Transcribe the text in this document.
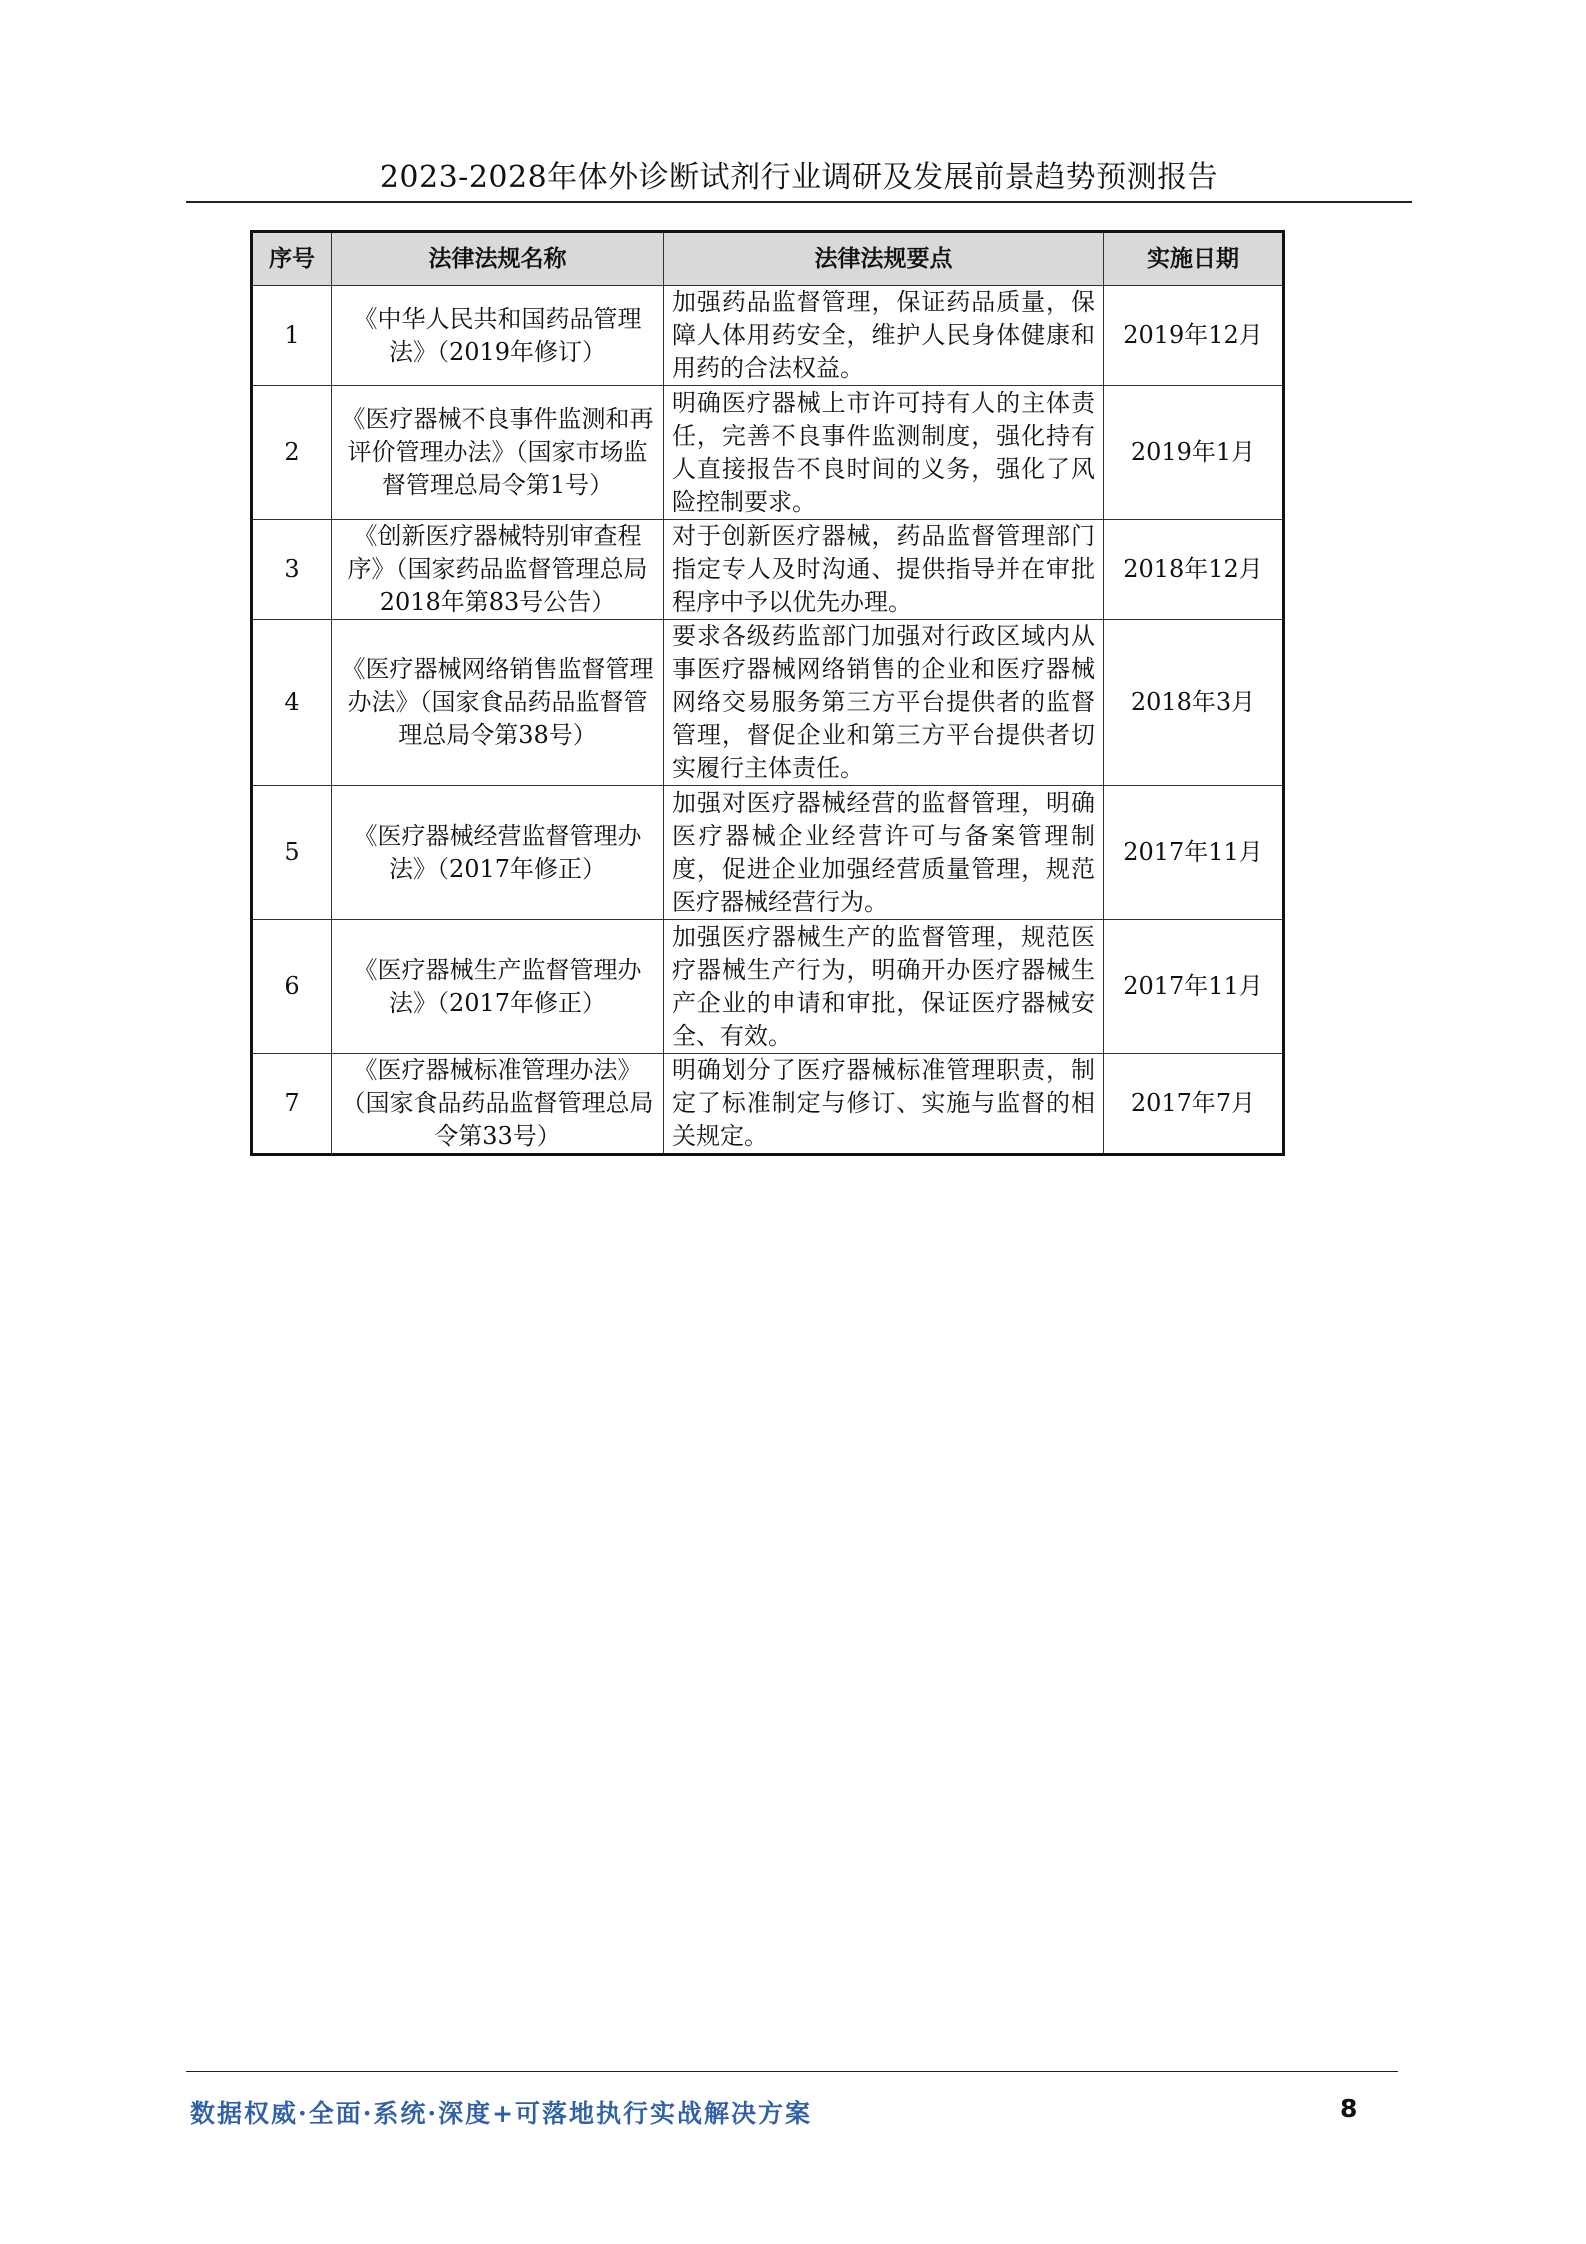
2023-2028年体外诊断试剂行业调研及发展前景趋势预测报告
序号	法律法规名称	法律法规要点	实施日期
1	《中华人民共和国药品管理法》（2019年修订）	加强药品监督管理，保证药品质量，保障人体用药安全，维护人民身体健康和用药的合法权益。	2019年12月
2	《医疗器械不良事件监测和再评价管理办法》（国家市场监督管理总局令第1号）	明确医疗器械上市许可持有人的主体责任，完善不良事件监测制度，强化持有人直接报告不良时间的义务，强化了风险控制要求。	2019年1月
3	《创新医疗器械特别审查程序》（国家药品监督管理总局2018年第83号公告）	对于创新医疗器械，药品监督管理部门指定专人及时沟通、提供指导并在审批程序中予以优先办理。	2018年12月
4	《医疗器械网络销售监督管理办法》（国家食品药品监督管理总局令第38号）	要求各级药监部门加强对行政区域内从事医疗器械网络销售的企业和医疗器械网络交易服务第三方平台提供者的监督管理，督促企业和第三方平台提供者切实履行主体责任。	2018年3月
5	《医疗器械经营监督管理办法》（2017年修正）	加强对医疗器械经营的监督管理，明确医疗器械企业经营许可与备案管理制度，促进企业加强经营质量管理，规范医疗器械经营行为。	2017年11月
6	《医疗器械生产监督管理办法》（2017年修正）	加强医疗器械生产的监督管理，规范医疗器械生产行为，明确开办医疗器械生产企业的申请和审批，保证医疗器械安全、有效。	2017年11月
7	《医疗器械标准管理办法》（国家食品药品监督管理总局令第33号）	明确划分了医疗器械标准管理职责，制定了标准制定与修订、实施与监督的相关规定。	2017年7月
数据权威·全面·系统·深度+可落地执行实战解决方案	8
